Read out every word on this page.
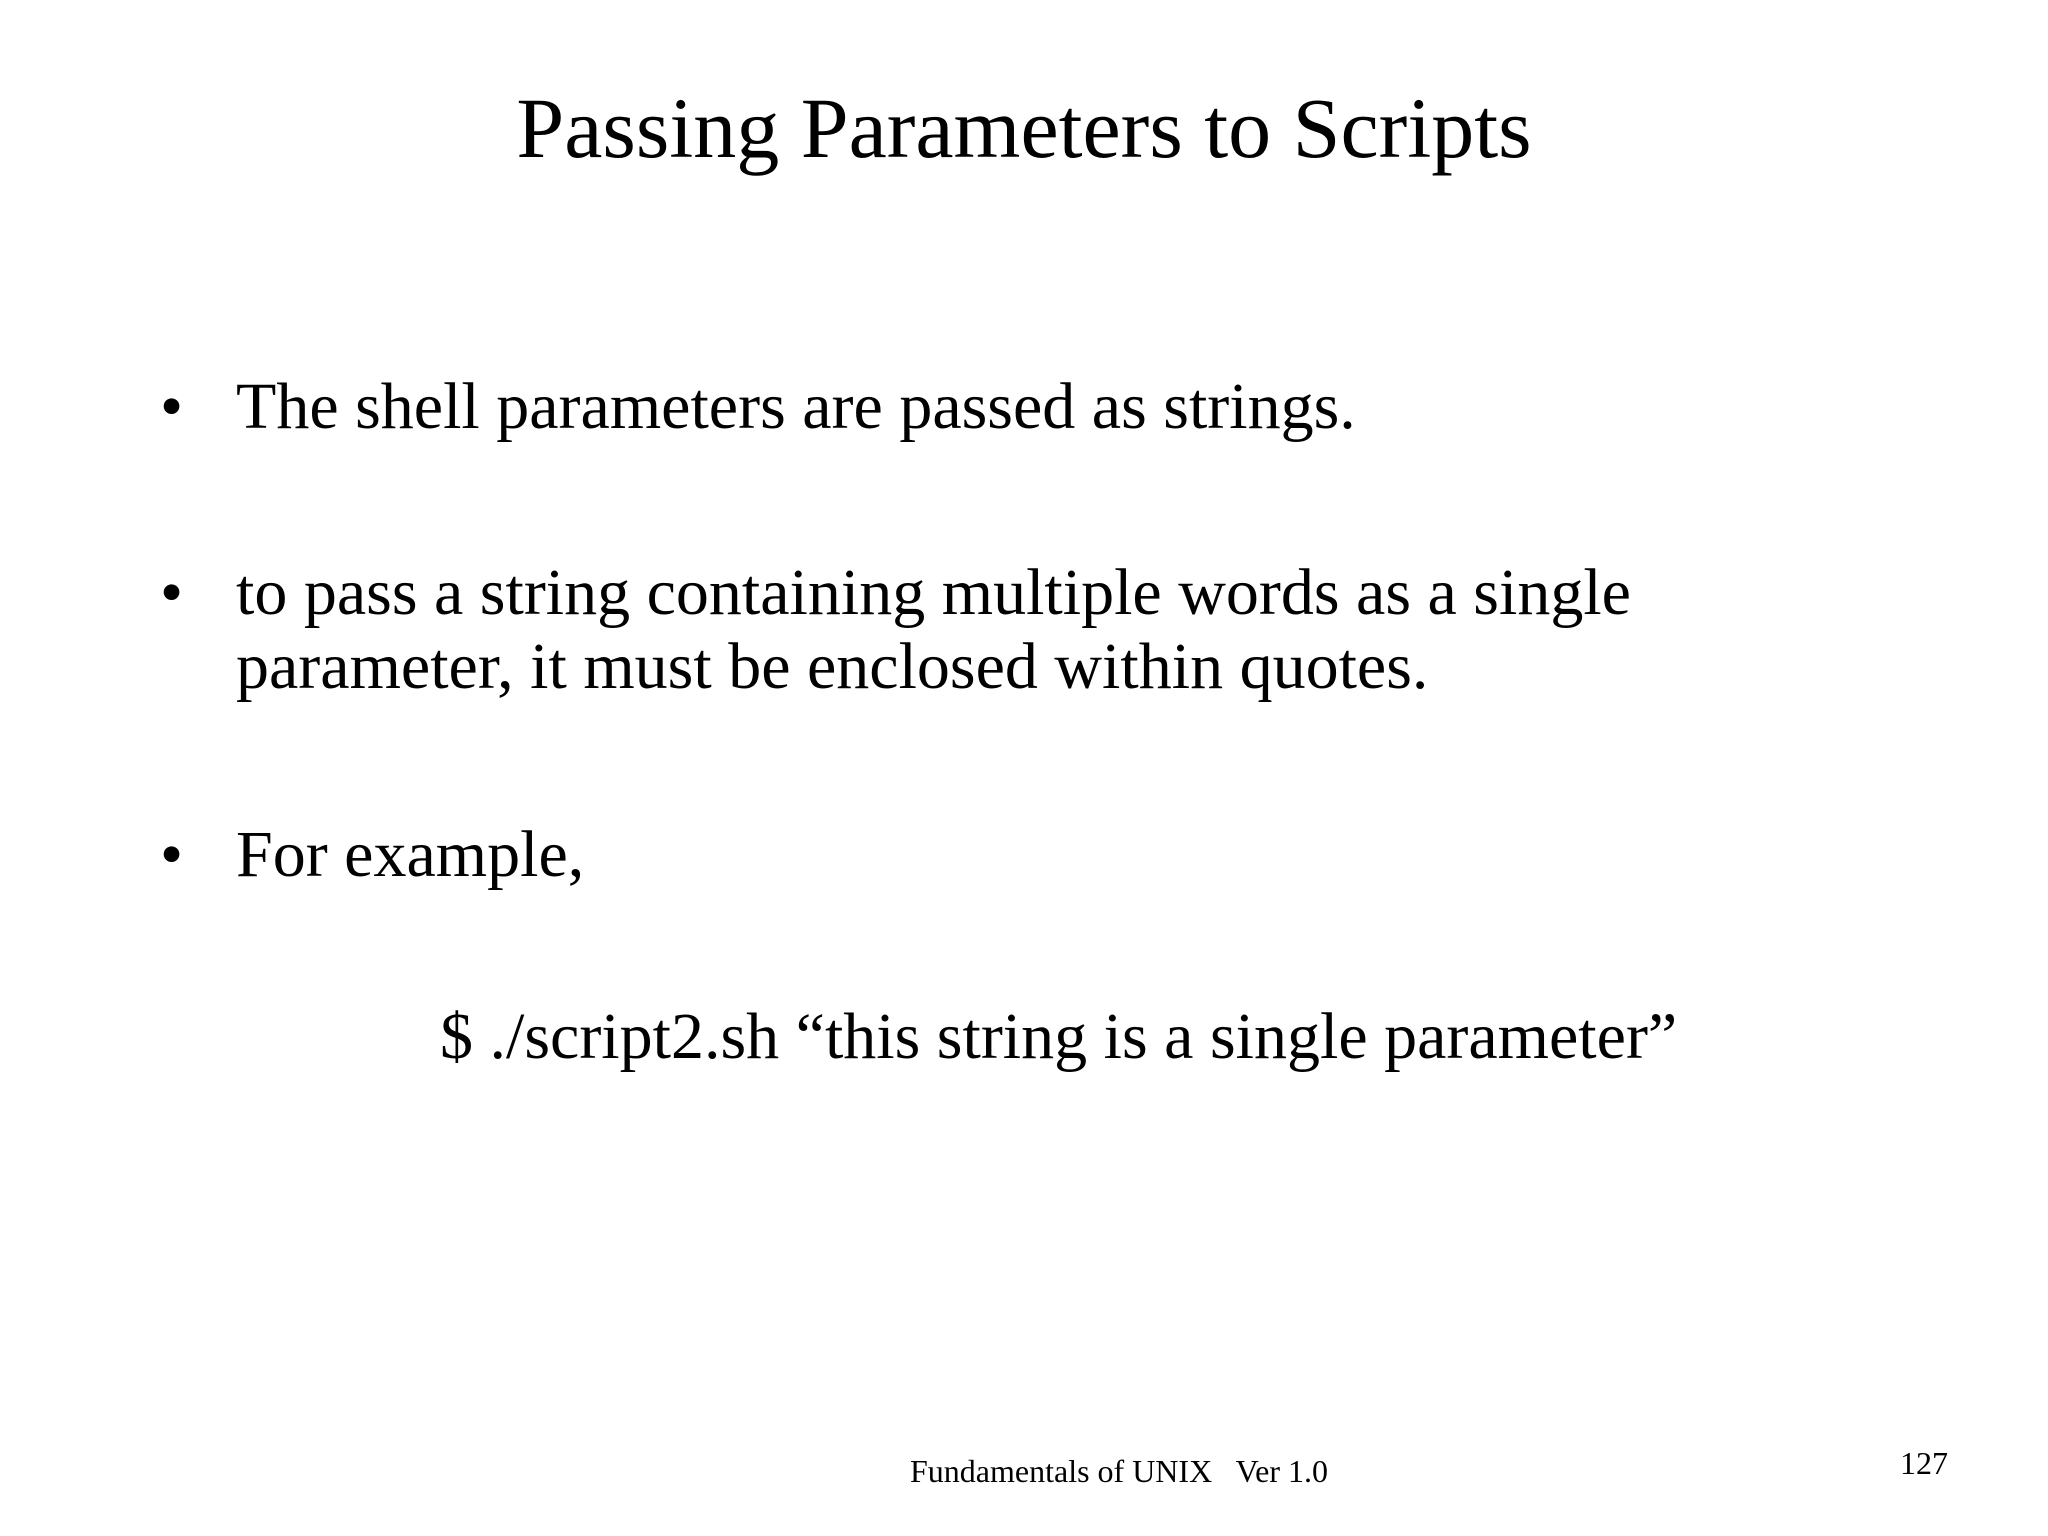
Passing Parameters to Scripts
• The shell parameters are passed as strings.
• to pass a string containing multiple words as a single parameter, it must be enclosed within quotes.
• For example,
$ ./script2.sh “this string is a single parameter”
Fundamentals of UNIX   Ver 1.0	127
